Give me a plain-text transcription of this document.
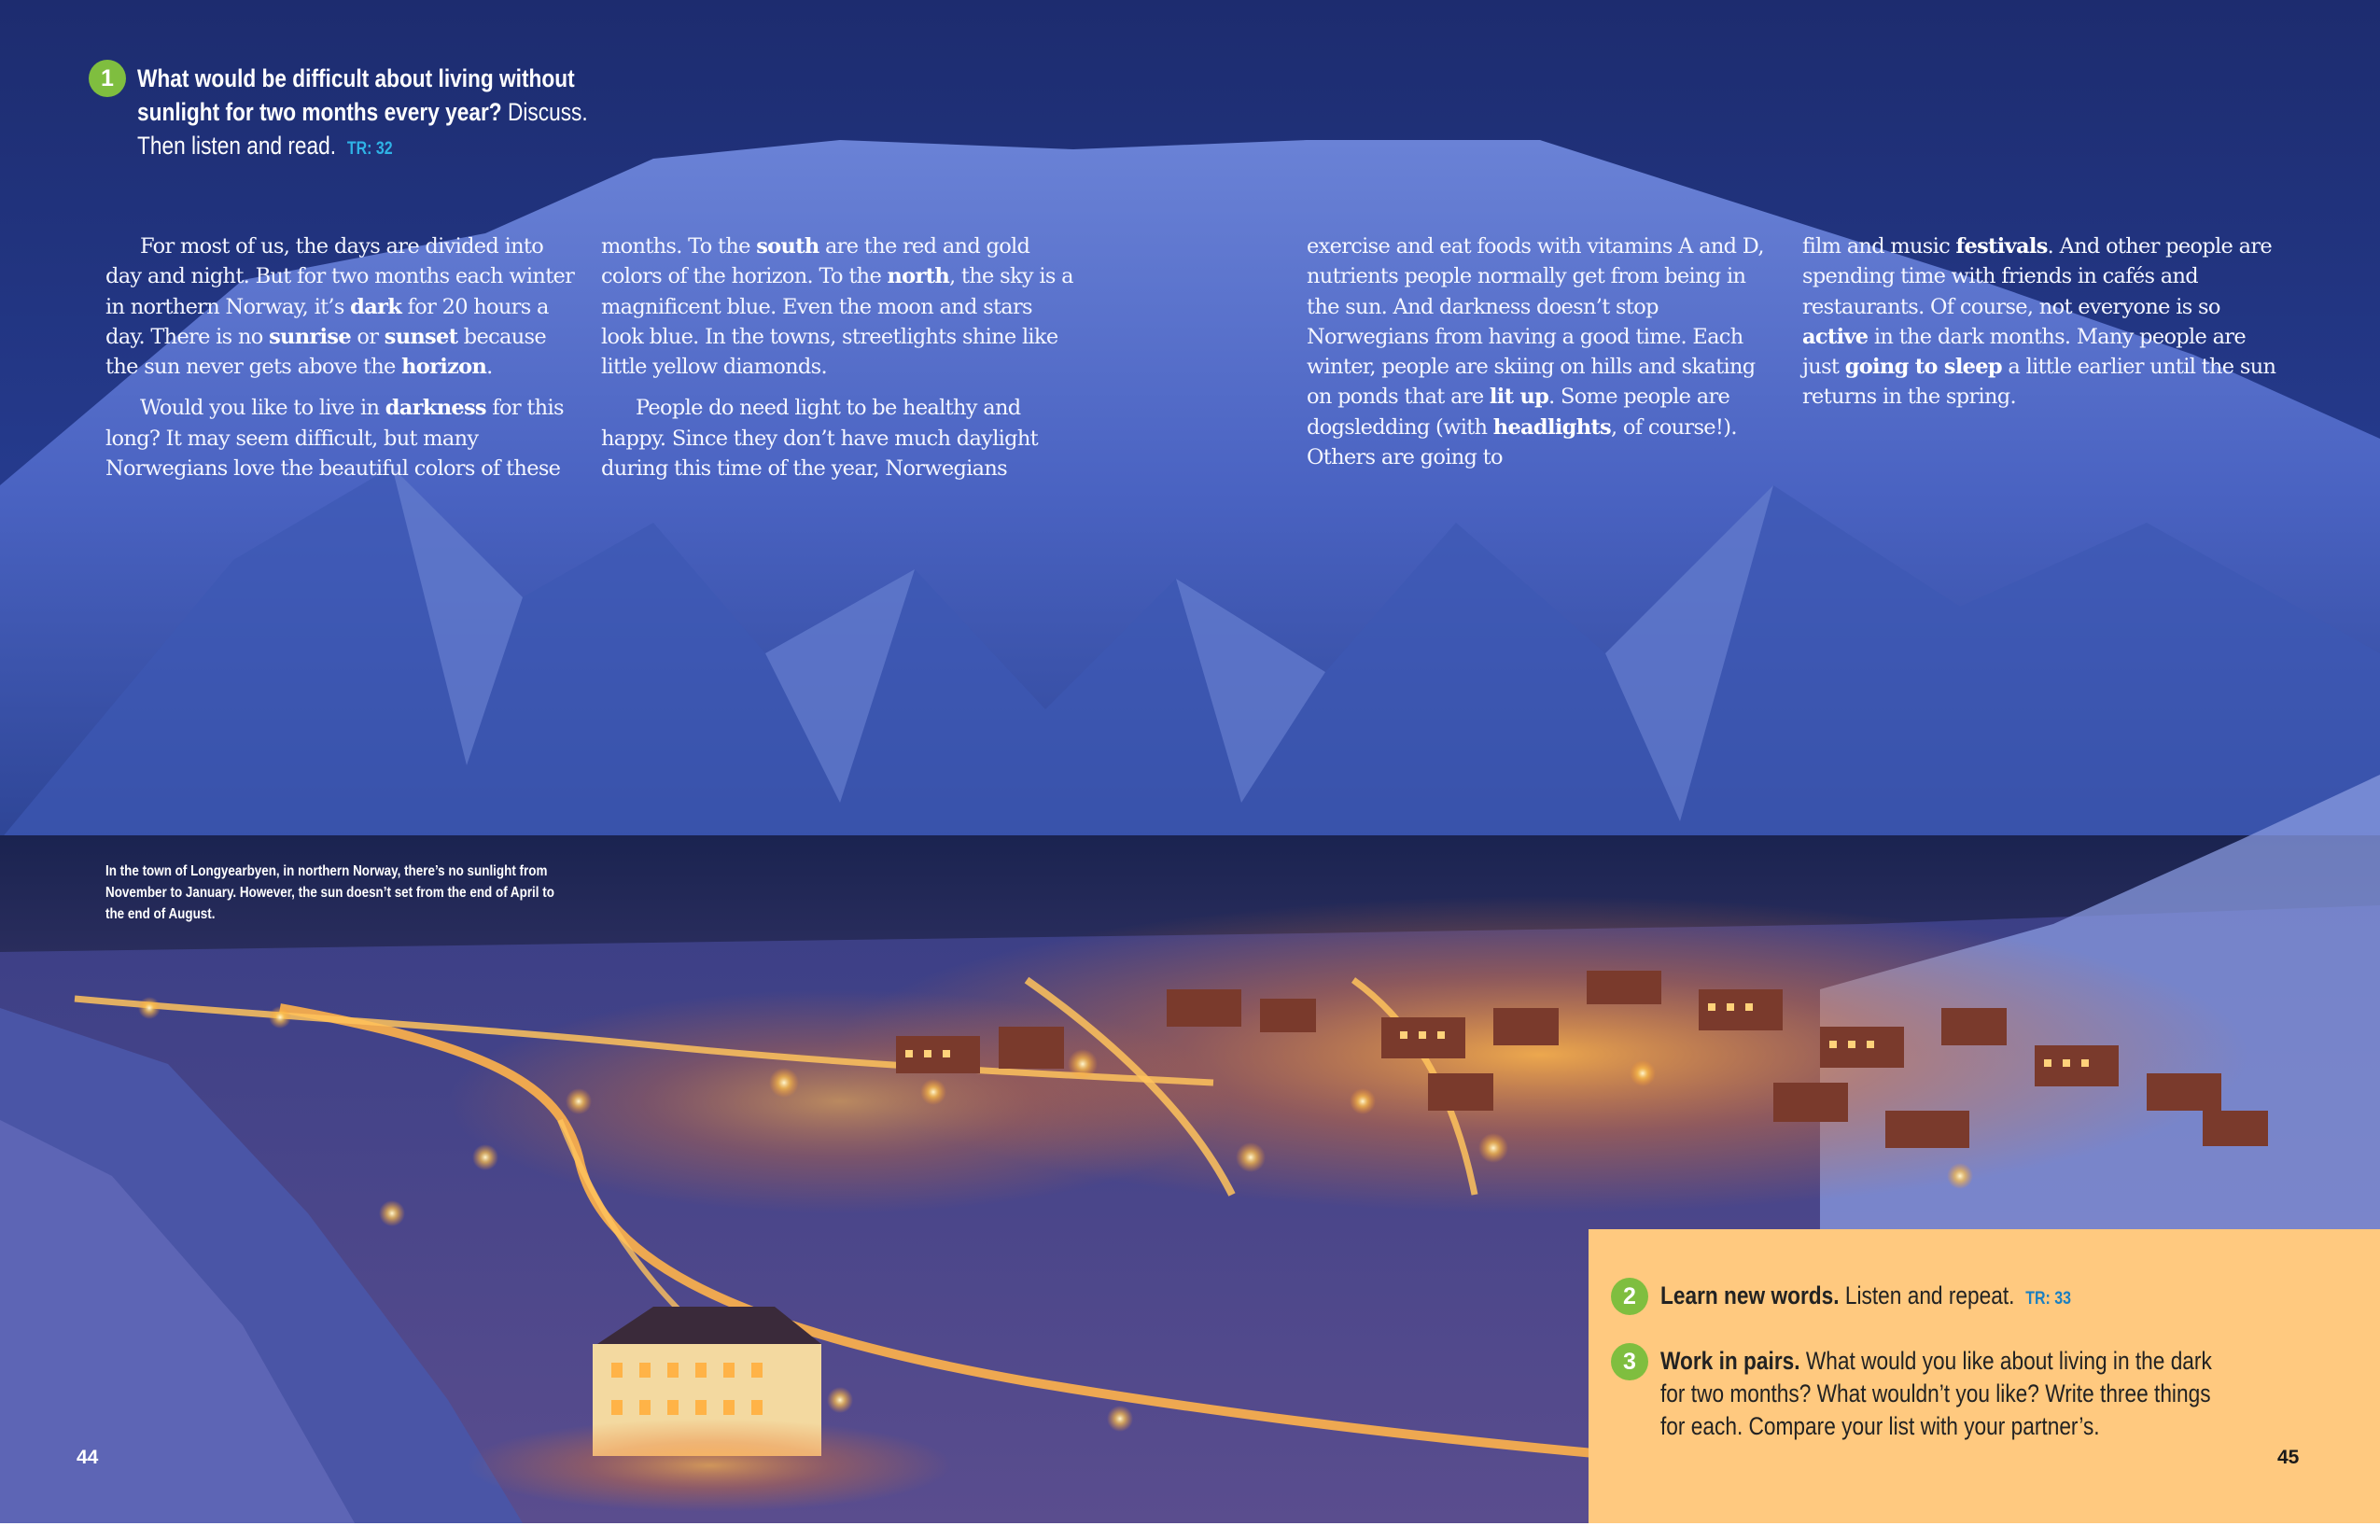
1 What would be difficult about living without
sunlight for two months every year? Discuss.
Then listen and read. TR: 32

For most of us, the days are divided into day and night. But for two months each winter in northern Norway, it’s dark for 20 hours a day. There is no sunrise or sunset because the sun never gets above the horizon.

Would you like to live in darkness for this long? It may seem difficult, but many Norwegians love the beautiful colors of these

months. To the south are the red and gold colors of the horizon. To the north, the sky is a magnificent blue. Even the moon and stars look blue. In the towns, streetlights shine like little yellow diamonds.

People do need light to be healthy and happy. Since they don’t have much daylight during this time of the year, Norwegians

exercise and eat foods with vitamins A and D, nutrients people normally get from being in the sun. And darkness doesn’t stop Norwegians from having a good time. Each winter, people are skiing on hills and skating on ponds that are lit up. Some people are dogsledding (with headlights, of course!). Others are going to

film and music festivals. And other people are spending time with friends in cafés and restaurants. Of course, not everyone is so active in the dark months. Many people are just going to sleep a little earlier until the sun returns in the spring.

In the town of Longyearbyen, in northern Norway, there’s no sunlight from November to January. However, the sun doesn’t set from the end of April to the end of August.
44
2 Learn new words. Listen and repeat. TR: 33
3 Work in pairs. What would you like about living in the dark
for two months? What wouldn’t you like? Write three things
for each. Compare your list with your partner’s.
45
